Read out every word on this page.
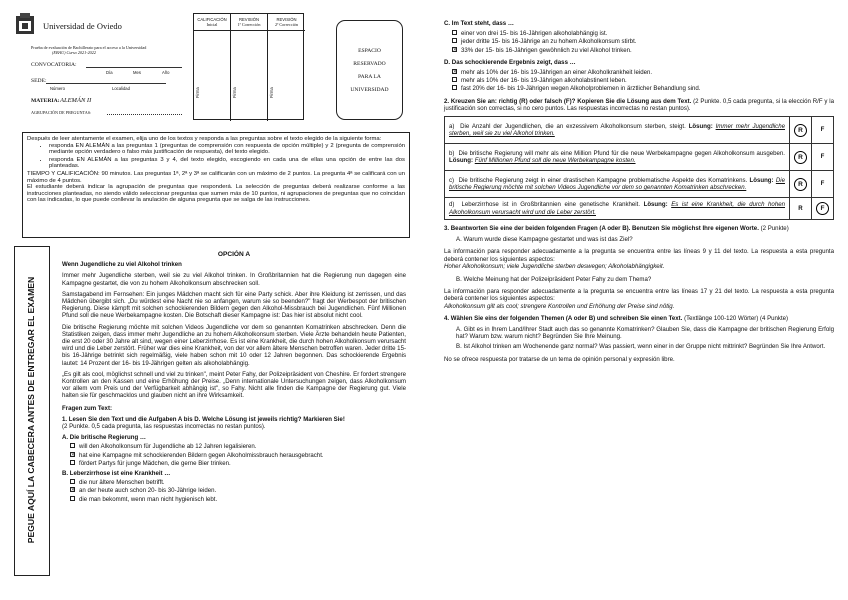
Universidad de Oviedo
Prueba de evaluación de Bachillerato para el acceso a la Universidad
(EBAU) Curso 2021-2022
CONVOCATORIA:
Día	Mes	Año
SEDE:
Número	Localidad
MATERIA: ALEMÁN II
AGRUPACIÓN DE PREGUNTAS:
CALIFICACIÓN
Inicial
Firma
REVISIÓN
1ª Corrección
Firma
REVISIÓN
2ª Corrección
Firma
ESPACIO
RESERVADO
PARA LA
UNIVERSIDAD
Después de leer atentamente el examen, elija uno de los textos y responda a las preguntas sobre el texto elegido de la siguiente forma:
• responda EN ALEMÁN a las preguntas 1 (preguntas de comprensión con respuesta de opción múltiple) y 2 (pregunta de comprensión mediante opción verdadero o falso más justificación de respuesta), del texto elegido.
• responda EN ALEMÁN a las preguntas 3 y 4, del texto elegido, escogiendo en cada una de ellas una opción de entre las dos planteadas.
TIEMPO Y CALIFICACIÓN: 90 minutos. Las preguntas 1ª, 2ª y 3ª se calificarán con un máximo de 2 puntos. La pregunta 4ª se calificará con un máximo de 4 puntos.
El estudiante deberá indicar la agrupación de preguntas que responderá. La selección de preguntas deberá realizarse conforme a las instrucciones planteadas, no siendo válido seleccionar preguntas que sumen más de 10 puntos, ni agrupaciones de preguntas que no coincidan con las indicadas, lo que puede conllevar la anulación de alguna pregunta que se salga de las instrucciones.
PEGUE AQUÍ LA CABECERA ANTES DE ENTREGAR EL EXAMEN
OPCIÓN A
Wenn Jugendliche zu viel Alkohol trinken

Immer mehr Jugendliche sterben, weil sie zu viel Alkohol trinken. In Großbritannien hat die Regierung nun dagegen eine Kampagne gestartet, die von zu hohem Alkoholkonsum abschrecken soll.

Samstagabend im Fernsehen: Ein junges Mädchen macht sich für eine Party schick. Aber ihre Kleidung ist zerrissen, und das Mädchen übergibt sich. „Du würdest eine Nacht nie so anfangen, warum sie so beenden?" fragt der Werbespot der britischen Regierung. Diese kämpft mit solchen schockierenden Bildern gegen den Alkohol-Missbrauch bei Jugendlichen. Fünf Millionen Pfund soll die neue Werbekampagne kosten. Die Botschaft dieser Kampagne ist: Das hier ist absolut nicht cool.

Die britische Regierung möchte mit solchen Videos Jugendliche vor dem so genannten Komatrinken abschrecken. Denn die Statistiken zeigen, dass immer mehr Jugendliche an zu hohem Alkoholkonsum sterben. Viele Ärzte behandeln heute Patienten, die erst 20 oder 30 Jahre alt sind, wegen einer Leberzirrhose. Es ist eine Krankheit, die durch hohen Alkoholkonsum verursacht wird und die Leber zerstört. Früher war dies eine Krankheit, von der vor allem ältere Menschen betroffen waren. Jeder dritte 15- bis 16-Jährige betrinkt sich regelmäßig, viele haben schon mit 10 oder 12 Jahren begonnen. Das schockierende Ergebnis lautet: 14 Prozent der 16- bis 19-Jährigen gelten als alkoholabhängig.

„Es gilt als cool, möglichst schnell und viel zu trinken", meint Peter Fahy, der Polizeipräsident von Cheshire. Er fordert strengere Kontrollen an den Kassen und eine Erhöhung der Preise. „Denn internationale Untersuchungen zeigen, dass Alkoholkonsum vor allem vom Preis und der Verfügbarkeit abhängig ist", so Fahy. Nicht alle finden die Kampagne der Regierung gut. Viele halten sie für geschmacklos und glauben nicht an ihre Wirksamkeit.

Fragen zum Text:
1. Lesen Sie den Text und die Aufgaben A bis D. Welche Lösung ist jeweils richtig? Markieren Sie!
(2 Punkte. 0,5 cada pregunta, las respuestas incorrectas no restan puntos).
A. Die britische Regierung …
will den Alkoholkonsum für Jugendliche ab 12 Jahren legalisieren.
✕hat eine Kampagne mit schockierenden Bildern gegen Alkoholmissbrauch herausgebracht.
fördert Partys für junge Mädchen, die gerne Bier trinken.
B. Leberzirrhose ist eine Krankheit …
die nur ältere Menschen betrifft.
✕an der heute auch schon 20- bis 30-Jährige leiden.
die man bekommt, wenn man nicht hygienisch lebt.
C. Im Text steht, dass …
einer von drei 15- bis 16-Jährigen alkoholabhängig ist.
jeder dritte 15- bis 16-Jährige an zu hohem Alkoholkonsum stirbt.
✕33% der 15- bis 16-Jährigen gewöhnlich zu viel Alkohol trinken.
D. Das schockierende Ergebnis zeigt, dass …
✕mehr als 10% der 16- bis 19-Jährigen an einer Alkoholkrankheit leiden.
mehr als 10% der 16- bis 19-Jährigen alkoholabstinent leben.
fast 20% der 16- bis 19-Jährigen wegen Alkoholproblemen in ärztlicher Behandlung sind.
2. Kreuzen Sie an: richtig (R) oder falsch (F)? Kopieren Sie die Lösung aus dem Text. (2 Punkte. 0,5 cada pregunta, si la elección R/F y la justificación son correctas, si no cero puntos. Las respuestas incorrectas no restan puntos).
a) Die Anzahl der Jugendlichen, die an exzessivem Alkoholkonsum sterben, steigt. Lösung: Immer mehr Jugendliche sterben, weil sie zu viel Alkohol trinken.	R	F
b) Die britische Regierung will mehr als eine Million Pfund für die neue Werbekampagne gegen Alkoholkonsum ausgeben. Lösung: Fünf Millionen Pfund soll die neue Werbekampagne kosten.	R	F
c) Die britische Regierung zeigt in einer drastischen Kampagne problematische Aspekte des Komatrinkens. Lösung: Die britische Regierung möchte mit solchen Videos Jugendliche vor dem so genannten Komatrinken abschrecken.	R	F
d) Leberzirrhose ist in Großbritannien eine genetische Krankheit. Lösung: Es ist eine Krankheit, die durch hohen Alkoholkonsum verursacht wird und die Leber zerstört.	R	F
3. Beantworten Sie eine der beiden folgenden Fragen (A oder B). Benutzen Sie möglichst Ihre eigenen Worte. (2 Punkte)
A. Warum wurde diese Kampagne gestartet und was ist das Ziel?
La información para responder adecuadamente a la pregunta se encuentra entre las líneas 9 y 11 del texto. La respuesta a esta pregunta deberá contener los siguientes aspectos:
Hoher Alkoholkonsum; viele Jugendliche sterben deswegen; Alkoholabhängigkeit.
B. Welche Meinung hat der Polizeipräsident Peter Fahy zu dem Thema?
La información para responder adecuadamente a la pregunta se encuentra entre las líneas 17 y 21 del texto. La respuesta a esta pregunta deberá contener los siguientes aspectos:
Alkoholkonsum gilt als cool; strengere Kontrollen und Erhöhung der Preise sind nötig.
4. Wählen Sie eins der folgenden Themen (A oder B) und schreiben Sie einen Text. (Textlänge 100-120 Wörter) (4 Punkte)
A. Gibt es in Ihrem Land/Ihrer Stadt auch das so genannte Komatrinken? Glauben Sie, dass die Kampagne der britischen Regierung Erfolg hat? Warum bzw. warum nicht? Begründen Sie Ihre Meinung.
B. Ist Alkohol trinken am Wochenende ganz normal? Was passiert, wenn einer in der Gruppe nicht mittrinkt? Begründen Sie Ihre Antwort.
No se ofrece respuesta por tratarse de un tema de opinión personal y expresión libre.
